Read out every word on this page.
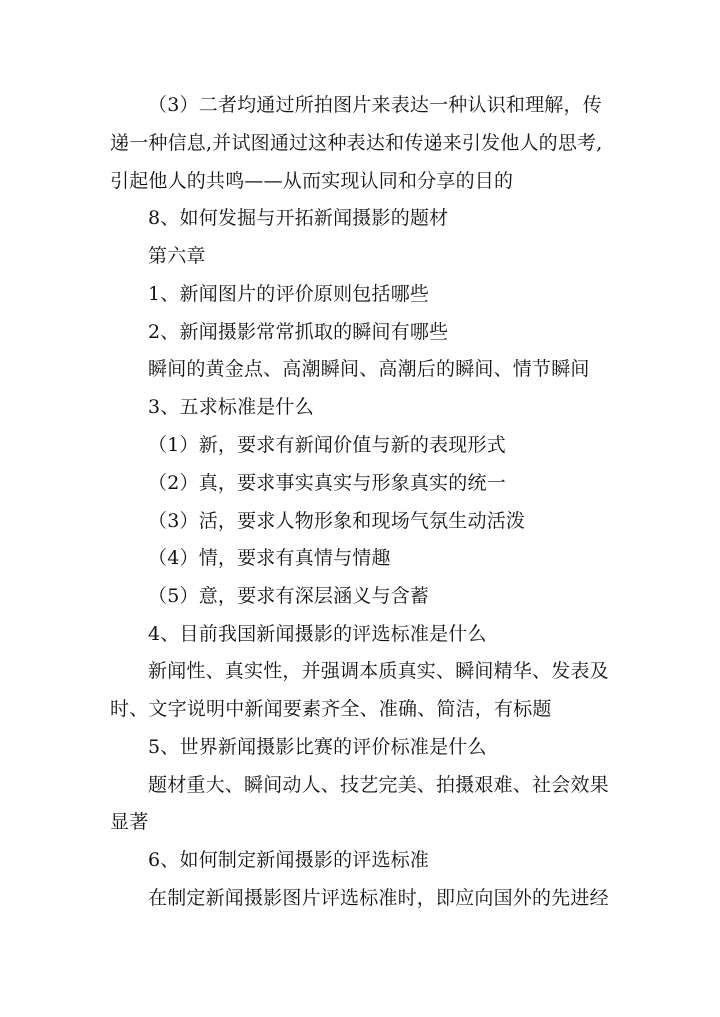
（3）二者均通过所拍图片来表达一种认识和理解，传
递一种信息,并试图通过这种表达和传递来引发他人的思考,
引起他人的共鸣——从而实现认同和分享的目的
8、如何发掘与开拓新闻摄影的题材
第六章
1、新闻图片的评价原则包括哪些
2、新闻摄影常常抓取的瞬间有哪些
瞬间的黄金点、高潮瞬间、高潮后的瞬间、情节瞬间
3、五求标准是什么
（1）新，要求有新闻价值与新的表现形式
（2）真，要求事实真实与形象真实的统一
（3）活，要求人物形象和现场气氛生动活泼
（4）情，要求有真情与情趣
（5）意，要求有深层涵义与含蓄
4、目前我国新闻摄影的评选标准是什么
新闻性、真实性，并强调本质真实、瞬间精华、发表及
时、文字说明中新闻要素齐全、准确、简洁，有标题
5、世界新闻摄影比赛的评价标准是什么
题材重大、瞬间动人、技艺完美、拍摄艰难、社会效果
显著
6、如何制定新闻摄影的评选标准
在制定新闻摄影图片评选标准时，即应向国外的先进经
